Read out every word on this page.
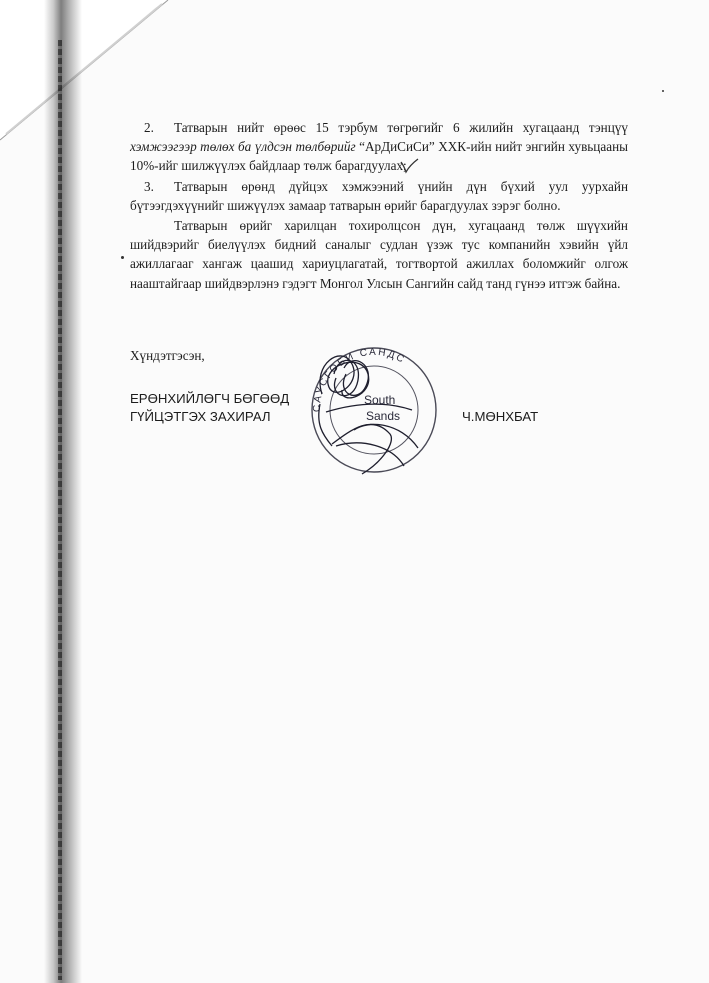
2. Татварын нийт өрөөс 15 тэрбум төгрөгийг 6 жилийн хугацаанд тэнцүү
хэмжээгээр төлөх ба үлдсэн төлбөрийг “АрДиСиСи” ХХК-ийн нийт энгийн хувьцааны
10%-ийг шилжүүлэх байдлаар төлж барагдуулах;
3. Татварын өрөнд дүйцэх хэмжээний үнийн дүн бүхий уул уурхайн
бүтээгдэхүүнийг шижүүлэх замаар татварын өрийг барагдуулах зэрэг болно.
Татварын өрийг харилцан тохиролцсон дүн, хугацаанд төлж шүүхийн
шийдвэрийг биелүүлэх бидний саналыг судлан үзэж тус компанийн хэвийн үйл
ажиллагааг хангаж цаашид хариуцлагатай, тогтвортой ажиллах боломжийг олгож
нааштайгаар шийдвэрлэнэ гэдэгт Монгол Улсын Сангийн сайд танд гүнээ итгэж байна.
Хүндэтгэсэн,
ЕРӨНХИЙЛӨГЧ БӨГӨӨД
ГҮЙЦЭТГЭХ ЗАХИРАЛ	Ч.МӨНХБАТ
САУСГОБИ САНДС
South
Sands
